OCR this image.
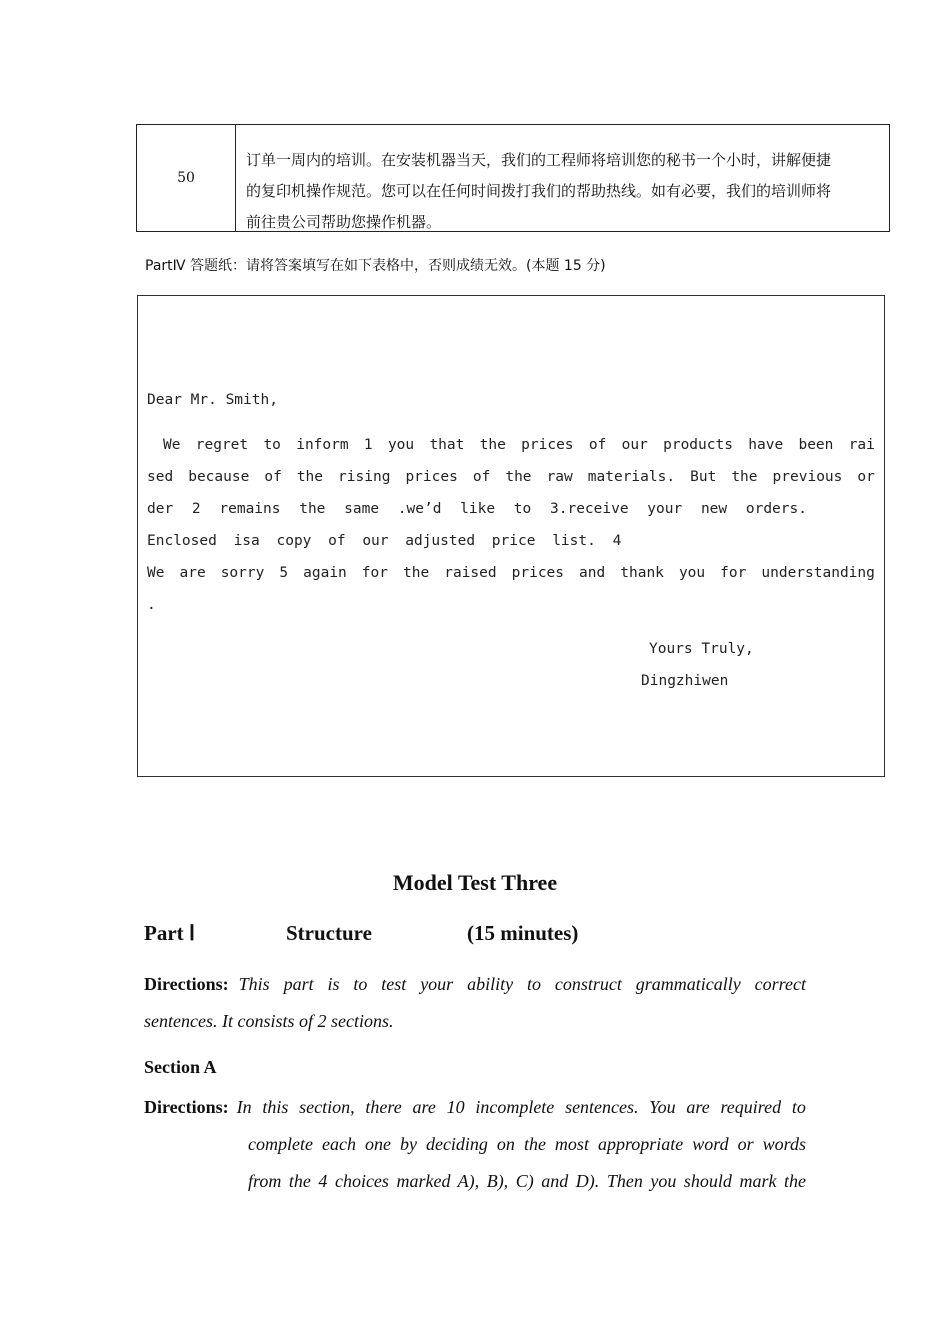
50
订单一周内的培训。在安装机器当天，我们的工程师将培训您的秘书一个小时，讲解便捷
的复印机操作规范。您可以在任何时间拨打我们的帮助热线。如有必要，我们的培训师将
前往贵公司帮助您操作机器。
PartⅣ 答题纸：请将答案填写在如下表格中，否则成绩无效。(本题 15 分)
Dear Mr. Smith,
We regret to inform 1 you that the prices of our products have been rai
sed because of the rising prices of the raw materials. But the previous or
der 2 remains the same .we’d like to 3.receive your new orders.
Enclosed isa copy of our adjusted price list. 4
We are sorry 5 again for the raised prices and thank you for understanding
.
Yours Truly,
Dingzhiwen
Model Test Three
Part Ⅰ	Structure	(15 minutes)
Directions: This part is to test your ability to construct grammatically correct
sentences. It consists of 2 sections.
Section A
Directions: In this section, there are 10 incomplete sentences. You are required to
complete each one by deciding on the most appropriate word or words
from the 4 choices marked A), B), C) and D). Then you should mark the
